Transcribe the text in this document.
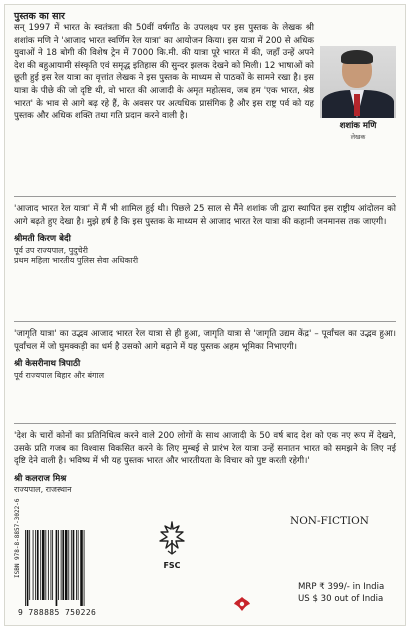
पुस्तक का सार
शशांक मणि
लेखक

सन् 1997 में भारत के स्वतंत्रता की 50वीं वर्षगाँठ के उपलक्ष्य पर इस पुस्तक के लेखक श्री शशांक मणि ने 'आजाद भारत स्वर्णिम रेल यात्रा' का आयोजन किया। इस यात्रा में 200 से अधिक युवाओं ने 18 बोगी की विशेष ट्रेन में 7000 कि.मी. की यात्रा पूरे भारत में की, जहाँ उन्हें अपने देश की बहुआयामी संस्कृति एवं समृद्ध इतिहास की सुन्दर झलक देखने को मिली। 12 भाषाओं को छूती हुई इस रेल यात्रा का वृत्तांत लेखक ने इस पुस्तक के माध्यम से पाठकों के सामने रखा है। इस यात्रा के पीछे की जो दृष्टि थी, वो भारत की आजादी के अमृत महोत्सव, जब हम 'एक भारत, श्रेष्ठ भारत' के भाव से आगे बढ़ रहे हैं, के अवसर पर अत्यधिक प्रासंगिक है और इस राष्ट्र पर्व को यह पुस्तक और अधिक शक्ति तथा गति प्रदान करने वाली है।

'आजाद भारत रेल यात्रा' में मैं भी शामिल हुई थी। पिछले 25 साल से मैंने शशांक जी द्वारा स्थापित इस राष्ट्रीय आंदोलन को आगे बढ़ते हुए देखा है। मुझे हर्ष है कि इस पुस्तक के माध्यम से आजाद भारत रेल यात्रा की कहानी जनमानस तक जाएगी।

श्रीमती किरण बेदी
पूर्व उप राज्यपाल, पुदुचेरी
प्रथम महिला भारतीय पुलिस सेवा अधिकारी

'जागृति यात्रा' का उद्भव आजाद भारत रेल यात्रा से ही हुआ, जागृति यात्रा से 'जागृति उद्यम केंद्र' – पूर्वांचल का उद्भव हुआ। पूर्वांचल में जो घुमक्कड़ी का धर्म है उसको आगे बढ़ाने में यह पुस्तक अहम भूमिका निभाएगी।

श्री केसरीनाथ त्रिपाठी
पूर्व राज्यपाल बिहार और बंगाल

'देश के चारों कोनों का प्रतिनिधित्व करने वाले 200 लोगों के साथ आजादी के 50 वर्ष बाद देश को एक नए रूप में देखने, उसके प्रति गजब का विश्वास विकसित करने के लिए मुम्बई से प्रारंभ रेल यात्रा उन्हें सनातन भारत को समझने के लिए नई दृष्टि देने वाली है। भविष्य में भी यह पुस्तक भारत और भारतीयता के विचार को पुष्ट करती रहेगी।'

श्री कलराज मिश्र
राज्यपाल, राजस्थान
NON-FICTION
ISBN 978-8-8857-3022-6
9 788885 750226
FSC
MRP ₹ 399/- in India
US $ 30 out of India
